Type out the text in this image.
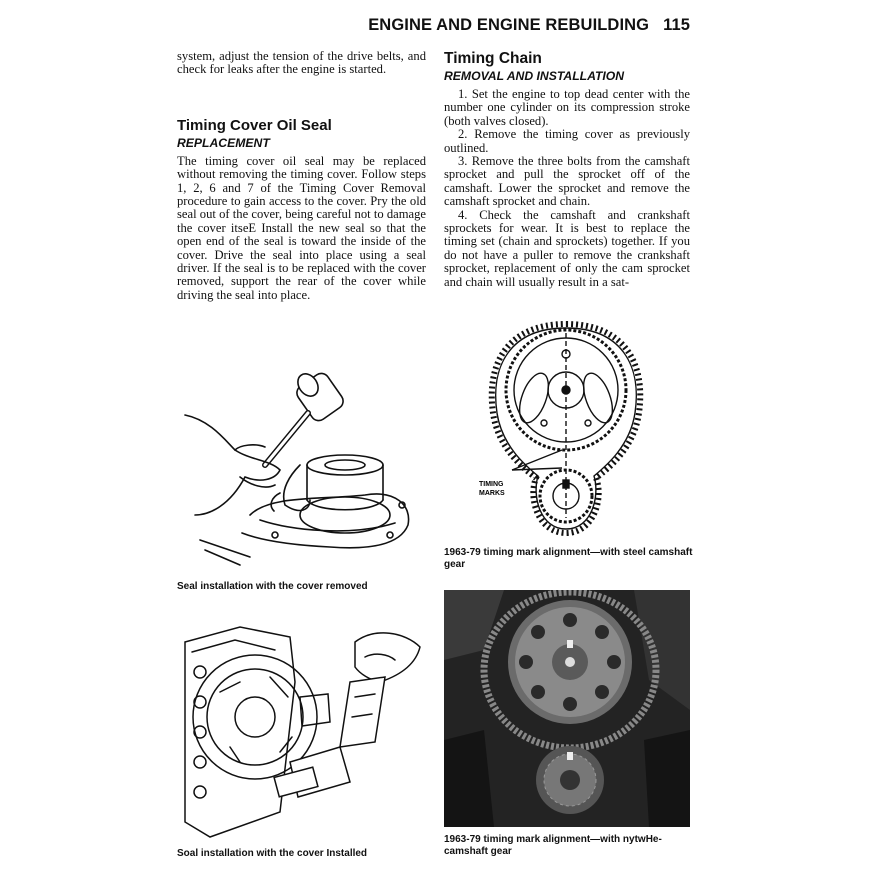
ENGINE AND ENGINE REBUILDING 115

system, adjust the tension of the drive belts, and check for leaks after the engine is started.

Timing Cover Oil Seal
REPLACEMENT

The timing cover oil seal may be replaced without removing the timing cover. Follow steps 1, 2, 6 and 7 of the Timing Cover Removal procedure to gain access to the cover. Pry the old seal out of the cover, being careful not to damage the cover itseE Install the new seal so that the open end of the seal is toward the inside of the cover. Drive the seal into place using a seal driver. If the seal is to be replaced with the cover removed, support the rear of the cover while driving the seal into place.

Timing Chain
REMOVAL AND INSTALLATION

1. Set the engine to top dead center with the number one cylinder on its compression stroke (both valves closed).

2. Remove the timing cover as previously outlined.

3. Remove the three bolts from the camshaft sprocket and pull the sprocket off of the camshaft. Lower the sprocket and remove the camshaft sprocket and chain.

4. Check the camshaft and crankshaft sprockets for wear. It is best to replace the timing set (chain and sprockets) together. If you do not have a puller to remove the crankshaft sprocket, replacement of only the cam sprocket and chain will usually result in a sat-

Seal installation with the cover removed
Soal installation with the cover Installed
TIMING
MARKS
1963-79 timing mark alignment—with steel camshaft gear
1963-79 timing mark alignment—with nytwHe-camshaft gear
